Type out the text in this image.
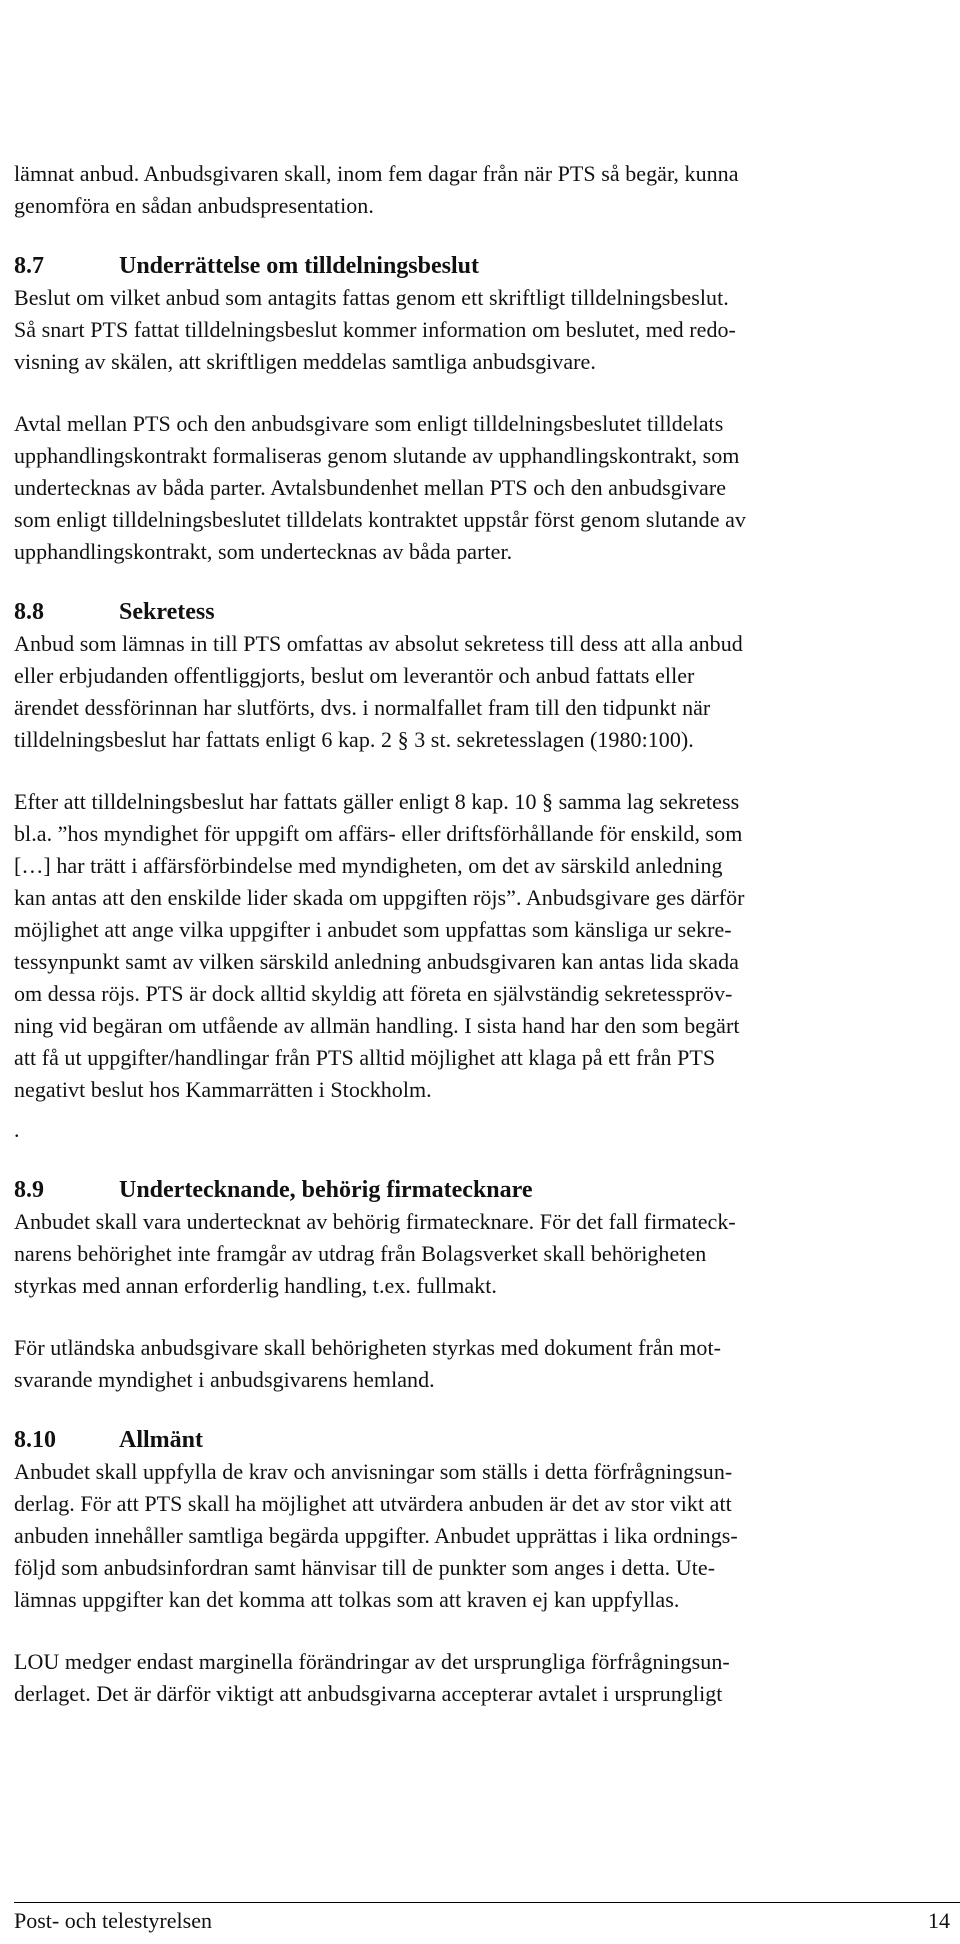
lämnat anbud. Anbudsgivaren skall, inom fem dagar från när PTS så begär, kunna
genomföra en sådan anbudspresentation.

8.7	Underrättelse om tilldelningsbeslut

Beslut om vilket anbud som antagits fattas genom ett skriftligt tilldelningsbeslut.
Så snart PTS fattat tilldelningsbeslut kommer information om beslutet, med redo-
visning av skälen, att skriftligen meddelas samtliga anbudsgivare.

Avtal mellan PTS och den anbudsgivare som enligt tilldelningsbeslutet tilldelats
upphandlingskontrakt formaliseras genom slutande av upphandlingskontrakt, som
undertecknas av båda parter. Avtalsbundenhet mellan PTS och den anbudsgivare
som enligt tilldelningsbeslutet tilldelats kontraktet uppstår först genom slutande av
upphandlingskontrakt, som undertecknas av båda parter.

8.8	Sekretess

Anbud som lämnas in till PTS omfattas av absolut sekretess till dess att alla anbud
eller erbjudanden offentliggjorts, beslut om leverantör och anbud fattats eller
ärendet dessförinnan har slutförts, dvs. i normalfallet fram till den tidpunkt när
tilldelningsbeslut har fattats enligt 6 kap. 2 § 3 st. sekretesslagen (1980:100).

Efter att tilldelningsbeslut har fattats gäller enligt 8 kap. 10 § samma lag sekretess
bl.a. ”hos myndighet för uppgift om affärs- eller driftsförhållande för enskild, som
[…] har trätt i affärsförbindelse med myndigheten, om det av särskild anledning
kan antas att den enskilde lider skada om uppgiften röjs”. Anbudsgivare ges därför
möjlighet att ange vilka uppgifter i anbudet som uppfattas som känsliga ur sekre-
tessynpunkt samt av vilken särskild anledning anbudsgivaren kan antas lida skada
om dessa röjs. PTS är dock alltid skyldig att företa en självständig sekretesspröv-
ning vid begäran om utfående av allmän handling. I sista hand har den som begärt
att få ut uppgifter/handlingar från PTS alltid möjlighet att klaga på ett från PTS
negativt beslut hos Kammarrätten i Stockholm.

.

8.9	Undertecknande, behörig firmatecknare

Anbudet skall vara undertecknat av behörig firmatecknare. För det fall firmateck-
narens behörighet inte framgår av utdrag från Bolagsverket skall behörigheten
styrkas med annan erforderlig handling, t.ex. fullmakt.

För utländska anbudsgivare skall behörigheten styrkas med dokument från mot-
svarande myndighet i anbudsgivarens hemland.

8.10	Allmänt

Anbudet skall uppfylla de krav och anvisningar som ställs i detta förfrågningsun-
derlag. För att PTS skall ha möjlighet att utvärdera anbuden är det av stor vikt att
anbuden innehåller samtliga begärda uppgifter. Anbudet upprättas i lika ordnings-
följd som anbudsinfordran samt hänvisar till de punkter som anges i detta. Ute-
lämnas uppgifter kan det komma att tolkas som att kraven ej kan uppfyllas.

LOU medger endast marginella förändringar av det ursprungliga förfrågningsun-
derlaget. Det är därför viktigt att anbudsgivarna accepterar avtalet i ursprungligt

Post- och telestyrelsen	14
